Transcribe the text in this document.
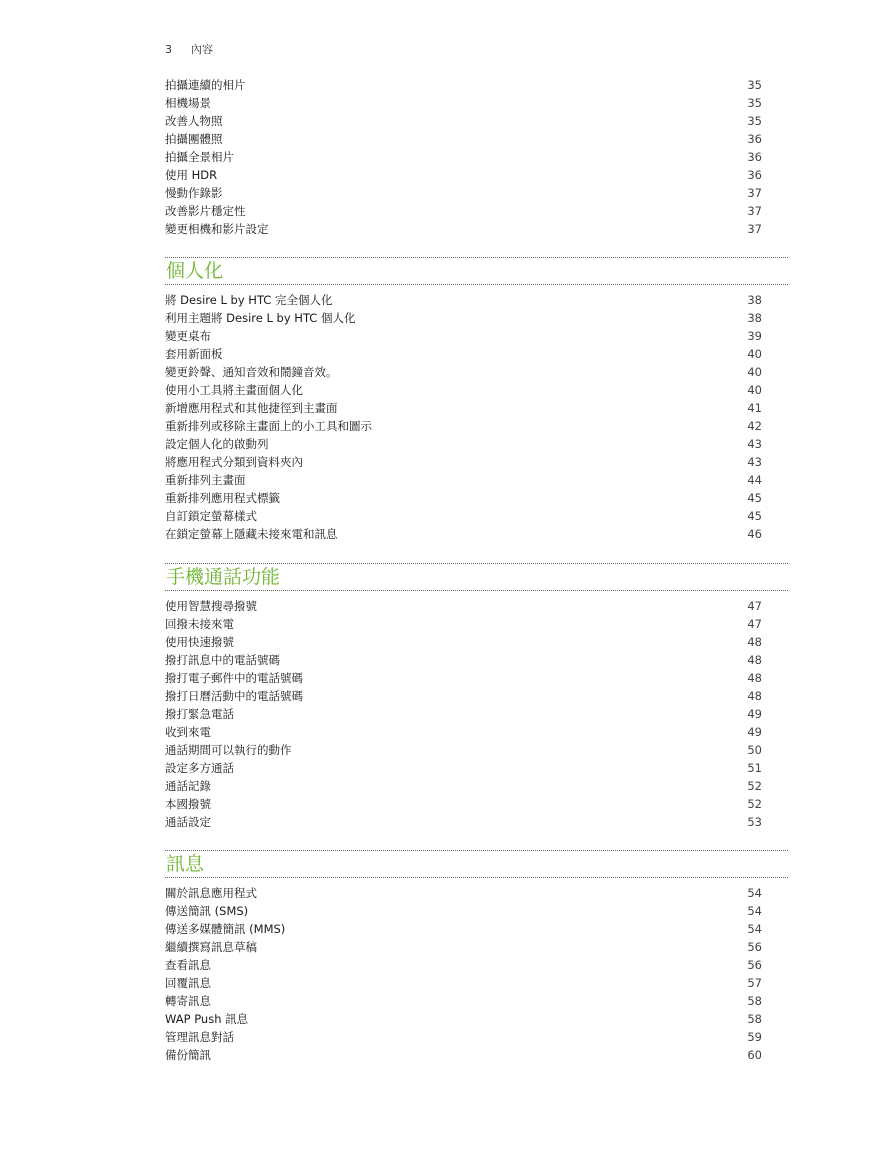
3 內容
拍攝連續的相片	35
相機場景	35
改善人物照	35
拍攝團體照	36
拍攝全景相片	36
使用 HDR	36
慢動作錄影	37
改善影片穩定性	37
變更相機和影片設定	37
個人化
將 Desire L by HTC 完全個人化	38
利用主題將 Desire L by HTC 個人化	38
變更桌布	39
套用新面板	40
變更鈴聲、通知音效和鬧鐘音效。	40
使用小工具將主畫面個人化	40
新增應用程式和其他捷徑到主畫面	41
重新排列或移除主畫面上的小工具和圖示	42
設定個人化的啟動列	43
將應用程式分類到資料夾內	43
重新排列主畫面	44
重新排列應用程式標籤	45
自訂鎖定螢幕樣式	45
在鎖定螢幕上隱藏未接來電和訊息	46
手機通話功能
使用智慧搜尋撥號	47
回撥未接來電	47
使用快速撥號	48
撥打訊息中的電話號碼	48
撥打電子郵件中的電話號碼	48
撥打日曆活動中的電話號碼	48
撥打緊急電話	49
收到來電	49
通話期間可以執行的動作	50
設定多方通話	51
通話記錄	52
本國撥號	52
通話設定	53
訊息
關於訊息應用程式	54
傳送簡訊 (SMS)	54
傳送多媒體簡訊 (MMS)	54
繼續撰寫訊息草稿	56
查看訊息	56
回覆訊息	57
轉寄訊息	58
WAP Push 訊息	58
管理訊息對話	59
備份簡訊	60
